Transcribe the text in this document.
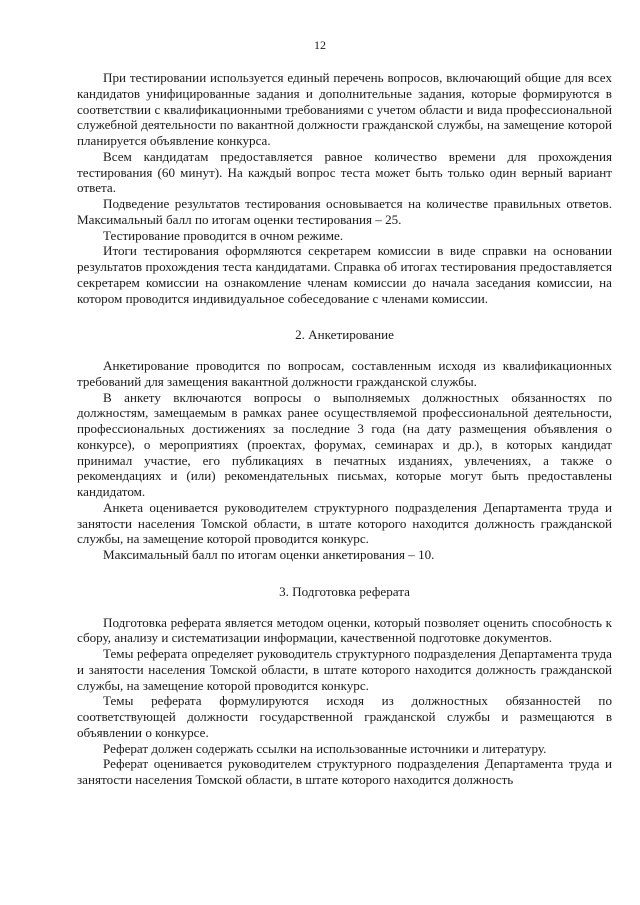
12

При тестировании используется единый перечень вопросов, включающий общие для всех кандидатов унифицированные задания и дополнительные задания, которые формируются в соответствии с квалификационными требованиями с учетом области и вида профессиональной служебной деятельности по вакантной должности гражданской службы, на замещение которой планируется объявление конкурса.

Всем кандидатам предоставляется равное количество времени для прохождения тестирования (60 минут). На каждый вопрос теста может быть только один верный вариант ответа.

Подведение результатов тестирования основывается на количестве правильных ответов. Максимальный балл по итогам оценки тестирования – 25.

Тестирование проводится в очном режиме.

Итоги тестирования оформляются секретарем комиссии в виде справки на основании результатов прохождения теста кандидатами. Справка об итогах тестирования предоставляется секретарем комиссии на ознакомление членам комиссии до начала заседания комиссии, на котором проводится индивидуальное собеседование с членами комиссии.

2. Анкетирование

Анкетирование проводится по вопросам, составленным исходя из квалификационных требований для замещения вакантной должности гражданской службы.

В анкету включаются вопросы о выполняемых должностных обязанностях по должностям, замещаемым в рамках ранее осуществляемой профессиональной деятельности, профессиональных достижениях за последние 3 года (на дату размещения объявления о конкурсе), о мероприятиях (проектах, форумах, семинарах и др.), в которых кандидат принимал участие, его публикациях в печатных изданиях, увлечениях, а также о рекомендациях и (или) рекомендательных письмах, которые могут быть предоставлены кандидатом.

Анкета оценивается руководителем структурного подразделения Департамента труда и занятости населения Томской области, в штате которого находится должность гражданской службы, на замещение которой проводится конкурс.

Максимальный балл по итогам оценки анкетирования – 10.

3. Подготовка реферата

Подготовка реферата является методом оценки, который позволяет оценить способность к сбору, анализу и систематизации информации, качественной подготовке документов.

Темы реферата определяет руководитель структурного подразделения Департамента труда и занятости населения Томской области, в штате которого находится должность гражданской службы, на замещение которой проводится конкурс.

Темы реферата формулируются исходя из должностных обязанностей по соответствующей должности государственной гражданской службы и размещаются в объявлении о конкурсе.

Реферат должен содержать ссылки на использованные источники и литературу.

Реферат оценивается руководителем структурного подразделения Департамента труда и занятости населения Томской области, в штате которого находится должность
